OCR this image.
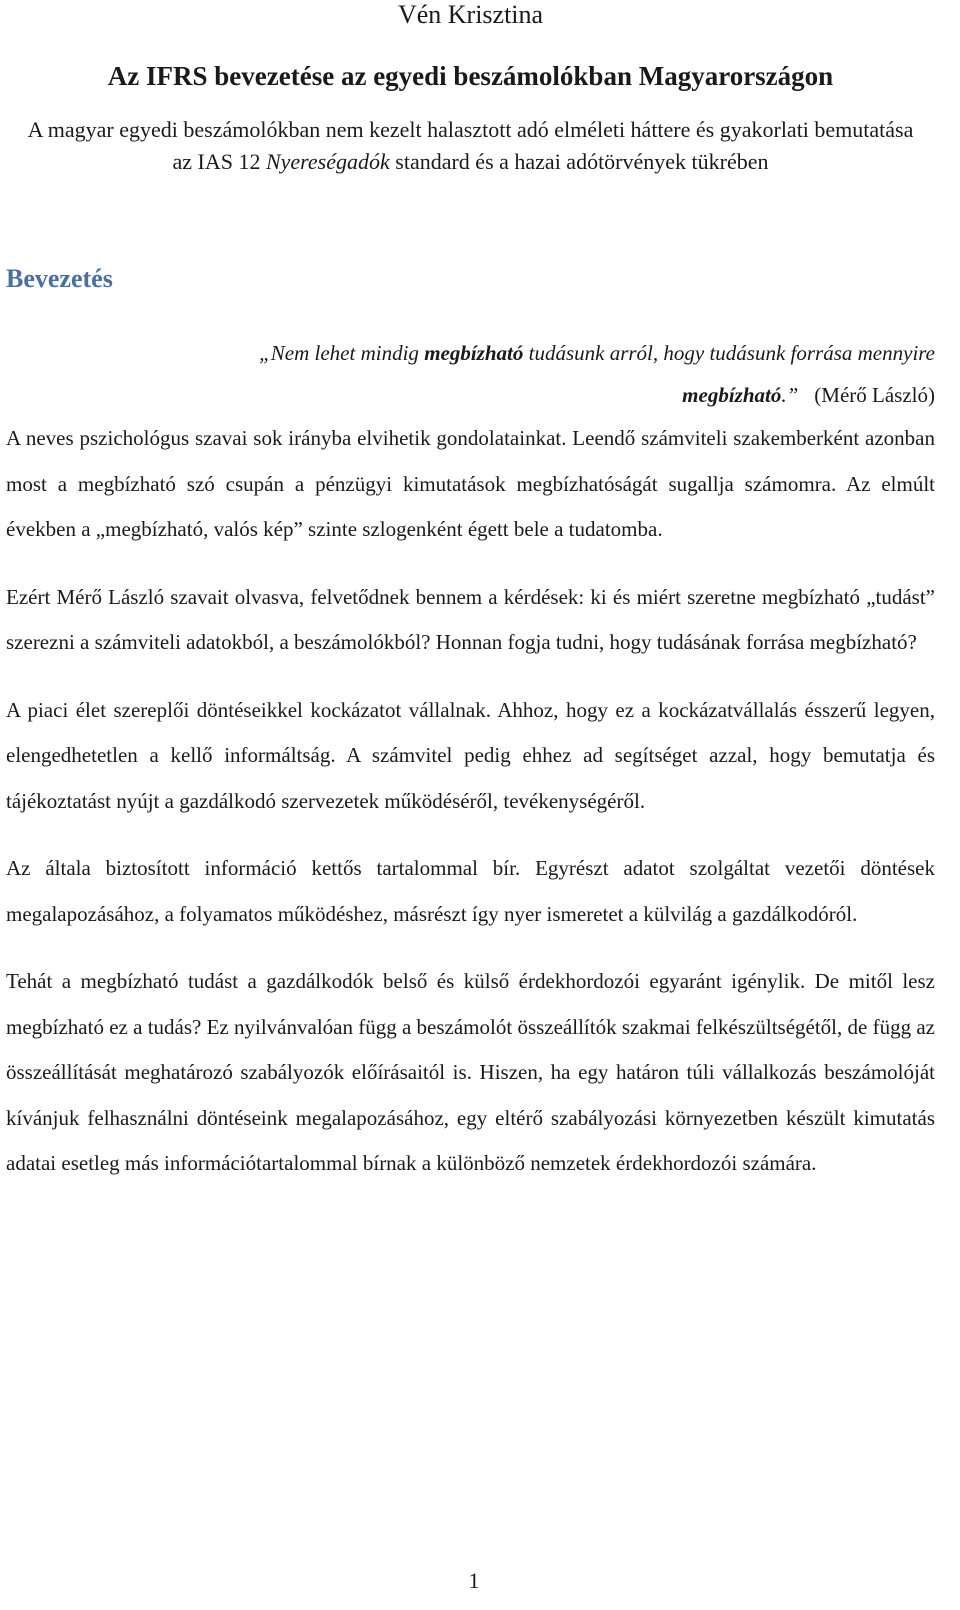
Vén Krisztina
Az IFRS bevezetése az egyedi beszámolókban Magyarországon
A magyar egyedi beszámolókban nem kezelt halasztott adó elméleti háttere és gyakorlati bemutatása az IAS 12 Nyereségadók standard és a hazai adótörvények tükrében
Bevezetés
„Nem lehet mindig megbízható tudásunk arról, hogy tudásunk forrása mennyire
megbízható.” (Mérő László)

A neves pszichológus szavai sok irányba elvihetik gondolatainkat. Leendő számviteli szakemberként azonban most a megbízható szó csupán a pénzügyi kimutatások megbízhatóságát sugallja számomra. Az elmúlt években a „megbízható, valós kép” szinte szlogenként égett bele a tudatomba.

Ezért Mérő László szavait olvasva, felvetődnek bennem a kérdések: ki és miért szeretne megbízható „tudást” szerezni a számviteli adatokból, a beszámolókból? Honnan fogja tudni, hogy tudásának forrása megbízható?

A piaci élet szereplői döntéseikkel kockázatot vállalnak. Ahhoz, hogy ez a kockázatvállalás ésszerű legyen, elengedhetetlen a kellő informáltság. A számvitel pedig ehhez ad segítséget azzal, hogy bemutatja és tájékoztatást nyújt a gazdálkodó szervezetek működéséről, tevékenységéről.

Az általa biztosított információ kettős tartalommal bír. Egyrészt adatot szolgáltat vezetői döntések megalapozásához, a folyamatos működéshez, másrészt így nyer ismeretet a külvilág a gazdálkodóról.

Tehát a megbízható tudást a gazdálkodók belső és külső érdekhordozói egyaránt igénylik. De mitől lesz megbízható ez a tudás? Ez nyilvánvalóan függ a beszámolót összeállítók szakmai felkészültségétől, de függ az összeállítását meghatározó szabályozók előírásaitól is. Hiszen, ha egy határon túli vállalkozás beszámolóját kívánjuk felhasználni döntéseink megalapozásához, egy eltérő szabályozási környezetben készült kimutatás adatai esetleg más információtartalommal bírnak a különböző nemzetek érdekhordozói számára.

1
